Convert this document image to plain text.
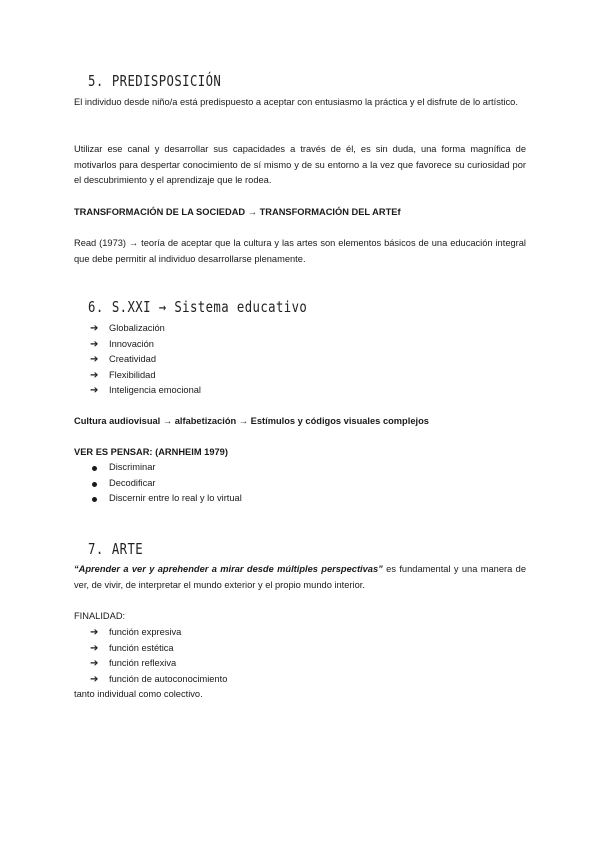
5. PREDISPOSICIÓN
El individuo desde niño/a está predispuesto a aceptar con entusiasmo la práctica y el disfrute de lo artístico.
Utilizar ese canal y desarrollar sus capacidades a través de él, es sin duda, una forma magnífica de motivarlos para despertar conocimiento de sí mismo y de su entorno a la vez que favorece su curiosidad por el descubrimiento y el aprendizaje que le rodea.
TRANSFORMACIÓN DE LA SOCIEDAD → TRANSFORMACIÓN DEL ARTEf
Read (1973) → teoría de aceptar que la cultura y las artes son elementos básicos de una educación integral que debe permitir al individuo desarrollarse plenamente.
6. S.XXI → Sistema educativo
➔ Globalización
➔ Innovación
➔ Creatividad
➔ Flexibilidad
➔ Inteligencia emocional
Cultura audiovisual → alfabetización → Estímulos y códigos visuales complejos
VER ES PENSAR: (ARNHEIM 1979)
Discriminar
Decodificar
Discernir entre lo real y lo virtual
7. ARTE
“Aprender a ver y aprehender a mirar desde múltiples perspectivas” es fundamental y una manera de ver, de vivir, de interpretar el mundo exterior y el propio mundo interior.
FINALIDAD:
➔ función expresiva
➔ función estética
➔ función reflexiva
➔ función de autoconocimiento
tanto individual como colectivo.
